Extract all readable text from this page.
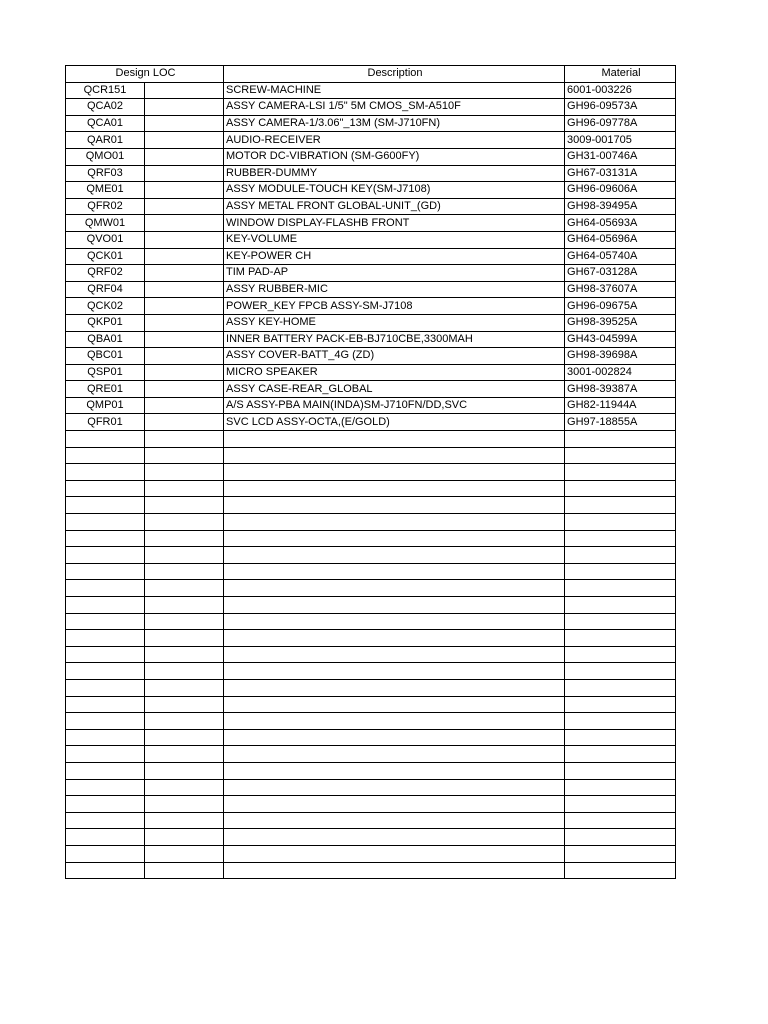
Design LOC		Description	Material
QCR151		SCREW-MACHINE	6001-003226
QCA02		ASSY CAMERA-LSI 1/5" 5M CMOS_SM-A510F	GH96-09573A
QCA01		ASSY CAMERA-1/3.06"_13M (SM-J710FN)	GH96-09778A
QAR01		AUDIO-RECEIVER	3009-001705
QMO01		MOTOR DC-VIBRATION (SM-G600FY)	GH31-00746A
QRF03		RUBBER-DUMMY	GH67-03131A
QME01		ASSY MODULE-TOUCH KEY(SM-J7108)	GH96-09606A
QFR02		ASSY METAL FRONT GLOBAL-UNIT_(GD)	GH98-39495A
QMW01		WINDOW DISPLAY-FLASHB FRONT	GH64-05693A
QVO01		KEY-VOLUME	GH64-05696A
QCK01		KEY-POWER CH	GH64-05740A
QRF02		TIM PAD-AP	GH67-03128A
QRF04		ASSY RUBBER-MIC	GH98-37607A
QCK02		POWER_KEY FPCB ASSY-SM-J7108	GH96-09675A
QKP01		ASSY KEY-HOME	GH98-39525A
QBA01		INNER BATTERY PACK-EB-BJ710CBE,3300MAH	GH43-04599A
QBC01		ASSY COVER-BATT_4G (ZD)	GH98-39698A
QSP01		MICRO SPEAKER	3001-002824
QRE01		ASSY CASE-REAR_GLOBAL	GH98-39387A
QMP01		A/S ASSY-PBA MAIN(INDA)SM-J710FN/DD,SVC	GH82-11944A
QFR01		SVC LCD ASSY-OCTA,(E/GOLD)	GH97-18855A
